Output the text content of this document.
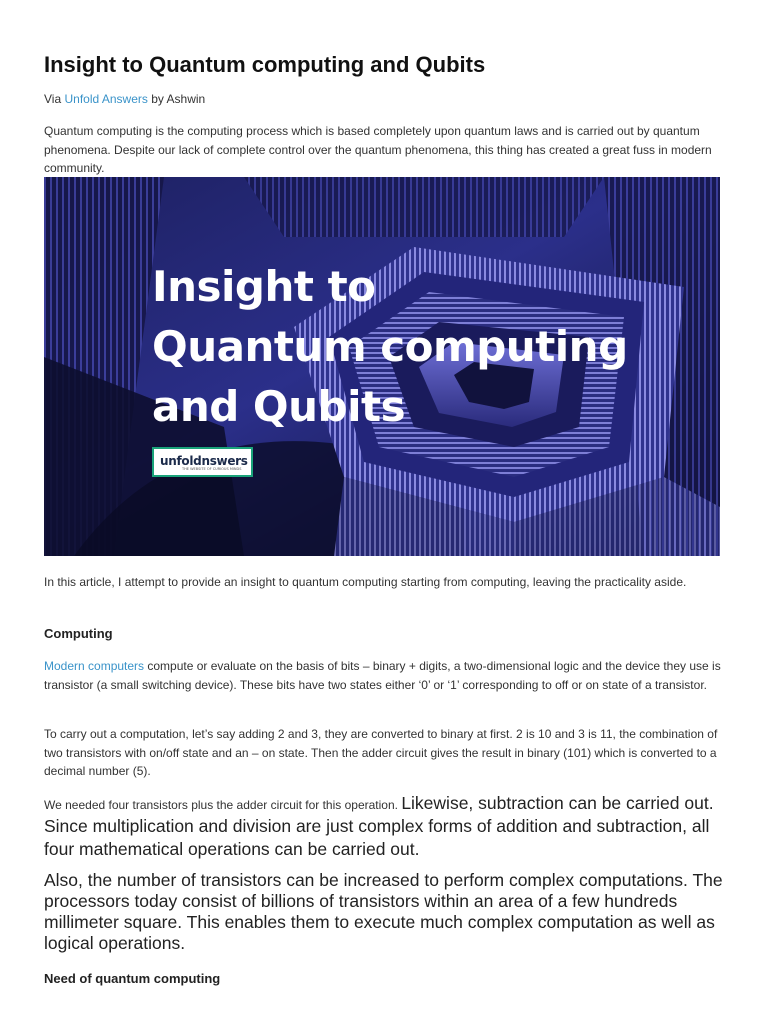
Insight to Quantum computing and Qubits
Via Unfold Answers by Ashwin

Quantum computing is the computing process which is based completely upon quantum laws and is carried out by quantum phenomena. Despite our lack of complete control over the quantum phenomena, this thing has created a great fuss in modern community.

Insight to
Quantum computing
and Qubits
unfoldnswers
THE WEBSITE OF CURIOUS MINDS

In this article, I attempt to provide an insight to quantum computing starting from computing, leaving the practicality aside.

Computing

Modern computers compute or evaluate on the basis of bits – binary + digits, a two-dimensional logic and the device they use is transistor (a small switching device). These bits have two states either ‘0’ or ‘1’ corresponding to off or on state of a transistor.

To carry out a computation, let’s say adding 2 and 3, they are converted to binary at first. 2 is 10 and 3 is 11, the combination of two transistors with on/off state and an – on state. Then the adder circuit gives the result in binary (101) which is converted to a decimal number (5).

We needed four transistors plus the adder circuit for this operation. Likewise, subtraction can be carried out. Since multiplication and division are just complex forms of addition and subtraction, all four mathematical operations can be carried out.

Also, the number of transistors can be increased to perform complex computations. The processors today consist of billions of transistors within an area of a few hundreds millimeter square. This enables them to execute much complex computation as well as logical operations.

Need of quantum computing
